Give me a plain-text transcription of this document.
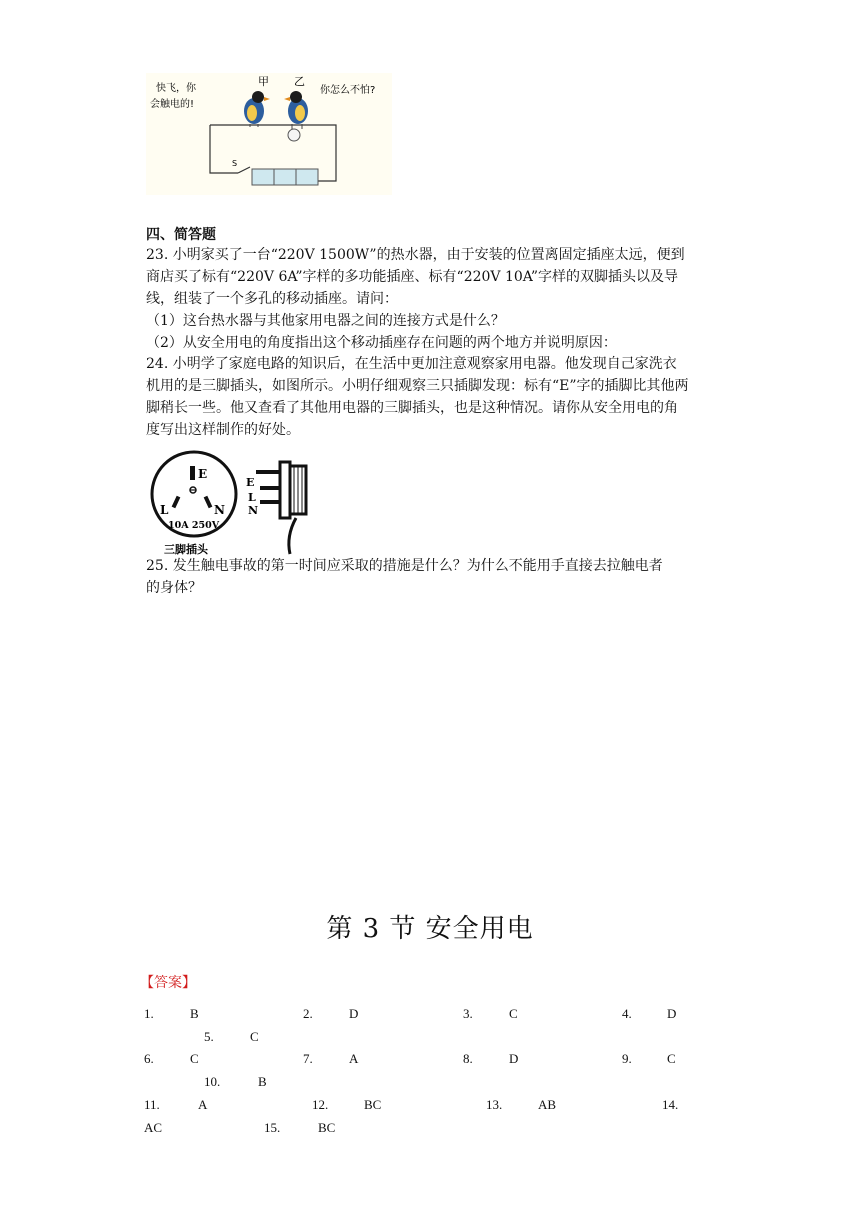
快飞，你
会触电的!
你怎么不怕?
甲 乙
S
四、简答题
23. 小明家买了一台“220V 1500W”的热水器，由于安装的位置离固定插座太远，便到
商店买了标有“220V 6A”字样的多功能插座、标有“220V 10A”字样的双脚插头以及导
线，组装了一个多孔的移动插座。请问：
（1）这台热水器与其他家用电器之间的连接方式是什么？
（2）从安全用电的角度指出这个移动插座存在问题的两个地方并说明原因：
24. 小明学了家庭电路的知识后，在生活中更加注意观察家用电器。他发现自己家洗衣
机用的是三脚插头，如图所示。小明仔细观察三只插脚发现：标有“E”字的插脚比其他两
脚稍长一些。他又查看了其他用电器的三脚插头，也是这种情况。请你从安全用电的角
度写出这样制作的好处。
E
L	N
10A 250V
三脚插头
E
L
N
25. 发生触电事故的第一时间应采取的措施是什么？为什么不能用手直接去拉触电者
的身体？
第 3 节 安全用电
【答案】
1.	B	2.	D	3.	C	4.	D
5.	C
6.	C	7.	A	8.	D	9.	C
10.	B
11.	A	12.	BC	13.	AB	14.
AC	15.	BC
